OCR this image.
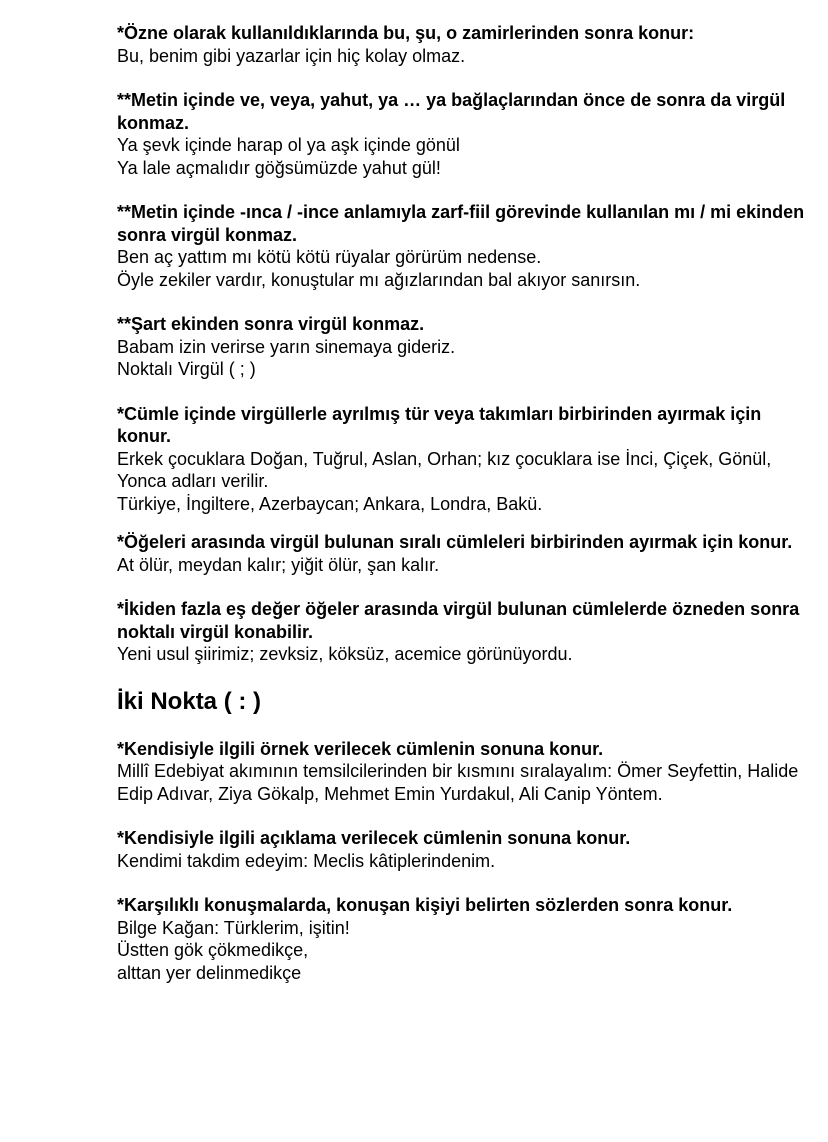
*Özne olarak kullanıldıklarında bu, şu, o zamirlerinden sonra konur:

Bu, benim gibi yazarlar için hiç kolay olmaz.

**Metin içinde ve, veya, yahut, ya … ya bağlaçlarından önce de sonra da virgül konmaz.

Ya şevk içinde harap ol ya aşk içinde gönül

Ya lale açmalıdır göğsümüzde yahut gül!

**Metin içinde -ınca / -ince anlamıyla zarf-fiil görevinde kullanılan mı / mi ekinden sonra virgül konmaz.

Ben aç yattım mı kötü kötü rüyalar görürüm nedense.

Öyle zekiler vardır, konuştular mı ağızlarından bal akıyor sanırsın.

**Şart ekinden sonra virgül konmaz.

Babam izin verirse yarın sinemaya gideriz.

Noktalı Virgül ( ; )

*Cümle içinde virgüllerle ayrılmış tür veya takımları birbirinden ayırmak için konur.

Erkek çocuklara Doğan, Tuğrul, Aslan, Orhan; kız çocuklara ise İnci, Çiçek, Gönül, Yonca adları verilir.

Türkiye, İngiltere, Azerbaycan; Ankara, Londra, Bakü.

*Öğeleri arasında virgül bulunan sıralı cümleleri birbirinden ayırmak için konur.

At ölür, meydan kalır; yiğit ölür, şan kalır.

*İkiden fazla eş değer öğeler arasında virgül bulunan cümlelerde özneden sonra noktalı virgül konabilir.

Yeni usul şiirimiz; zevksiz, köksüz, acemice görünüyordu.

İki Nokta ( : )

*Kendisiyle ilgili örnek verilecek cümlenin sonuna konur.

Millî Edebiyat akımının temsilcilerinden bir kısmını sıralayalım: Ömer Seyfettin, Halide Edip Adıvar, Ziya Gökalp, Mehmet Emin Yurdakul, Ali Canip Yöntem.

*Kendisiyle ilgili açıklama verilecek cümlenin sonuna konur.

Kendimi takdim edeyim: Meclis kâtiplerindenim.

*Karşılıklı konuşmalarda, konuşan kişiyi belirten sözlerden sonra konur.

Bilge Kağan: Türklerim, işitin!

Üstten gök çökmedikçe,

alttan yer delinmedikçe
